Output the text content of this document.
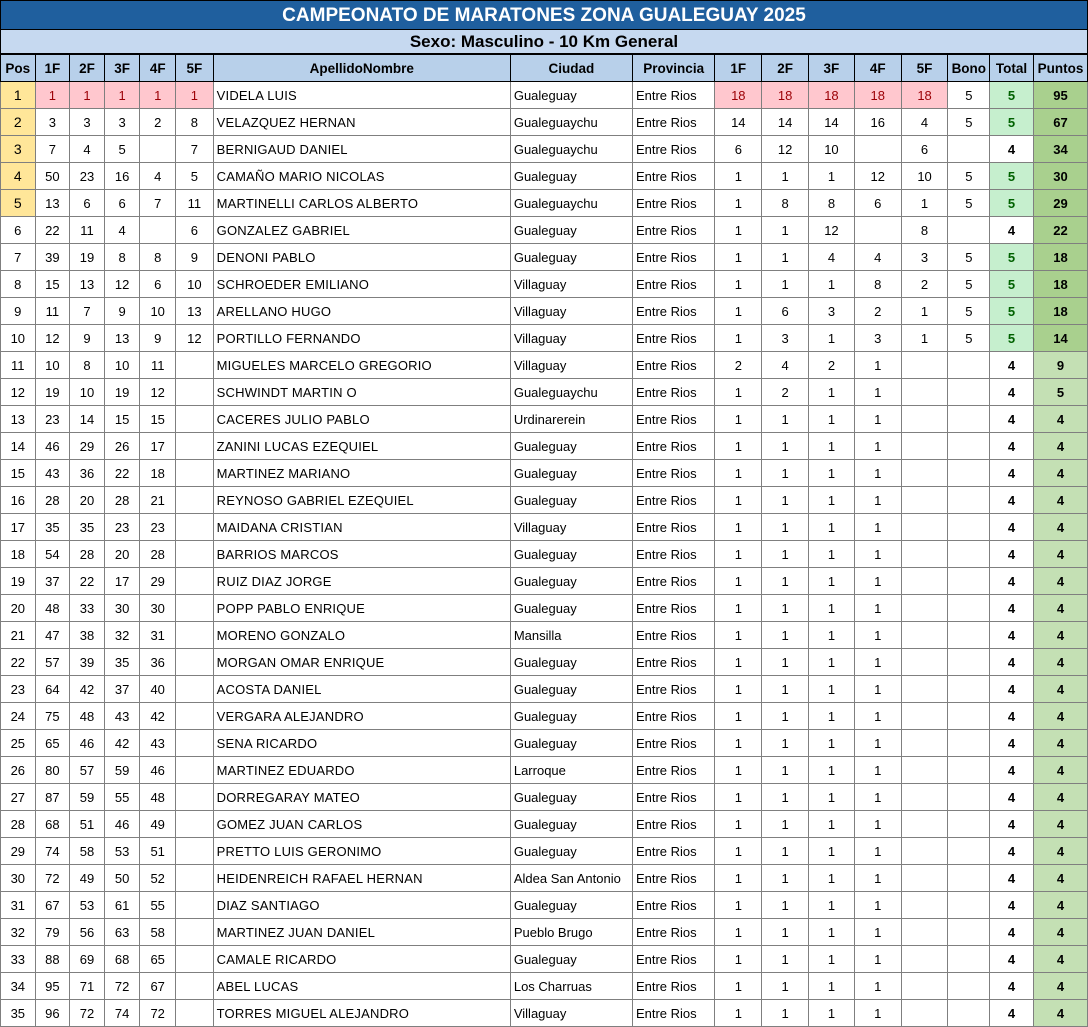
CAMPEONATO DE MARATONES ZONA GUALEGUAY 2025
Sexo: Masculino - 10 Km General
Pos	1F	2F	3F	4F	5F	ApellidoNombre	Ciudad	Provincia	1F	2F	3F	4F	5F	Bono	Total	Puntos
1	1	1	1	1	1	VIDELA LUIS	Gualeguay	Entre Rios	18	18	18	18	18	5	5	95
2	3	3	3	2	8	VELAZQUEZ HERNAN	Gualeguaychu	Entre Rios	14	14	14	16	4	5	5	67
3	7	4	5		7	BERNIGAUD DANIEL	Gualeguaychu	Entre Rios	6	12	10		6		4	34
4	50	23	16	4	5	CAMAÑO MARIO NICOLAS	Gualeguay	Entre Rios	1	1	1	12	10	5	5	30
5	13	6	6	7	11	MARTINELLI CARLOS ALBERTO	Gualeguaychu	Entre Rios	1	8	8	6	1	5	5	29
6	22	11	4		6	GONZALEZ GABRIEL	Gualeguay	Entre Rios	1	1	12		8		4	22
7	39	19	8	8	9	DENONI PABLO	Gualeguay	Entre Rios	1	1	4	4	3	5	5	18
8	15	13	12	6	10	SCHROEDER EMILIANO	Villaguay	Entre Rios	1	1	1	8	2	5	5	18
9	11	7	9	10	13	ARELLANO HUGO	Villaguay	Entre Rios	1	6	3	2	1	5	5	18
10	12	9	13	9	12	PORTILLO FERNANDO	Villaguay	Entre Rios	1	3	1	3	1	5	5	14
11	10	8	10	11		MIGUELES MARCELO GREGORIO	Villaguay	Entre Rios	2	4	2	1			4	9
12	19	10	19	12		SCHWINDT MARTIN O	Gualeguaychu	Entre Rios	1	2	1	1			4	5
13	23	14	15	15		CACERES JULIO PABLO	Urdinarerein	Entre Rios	1	1	1	1			4	4
14	46	29	26	17		ZANINI LUCAS EZEQUIEL	Gualeguay	Entre Rios	1	1	1	1			4	4
15	43	36	22	18		MARTINEZ MARIANO	Gualeguay	Entre Rios	1	1	1	1			4	4
16	28	20	28	21		REYNOSO GABRIEL EZEQUIEL	Gualeguay	Entre Rios	1	1	1	1			4	4
17	35	35	23	23		MAIDANA CRISTIAN	Villaguay	Entre Rios	1	1	1	1			4	4
18	54	28	20	28		BARRIOS MARCOS	Gualeguay	Entre Rios	1	1	1	1			4	4
19	37	22	17	29		RUIZ DIAZ JORGE	Gualeguay	Entre Rios	1	1	1	1			4	4
20	48	33	30	30		POPP PABLO ENRIQUE	Gualeguay	Entre Rios	1	1	1	1			4	4
21	47	38	32	31		MORENO GONZALO	Mansilla	Entre Rios	1	1	1	1			4	4
22	57	39	35	36		MORGAN OMAR ENRIQUE	Gualeguay	Entre Rios	1	1	1	1			4	4
23	64	42	37	40		ACOSTA DANIEL	Gualeguay	Entre Rios	1	1	1	1			4	4
24	75	48	43	42		VERGARA ALEJANDRO	Gualeguay	Entre Rios	1	1	1	1			4	4
25	65	46	42	43		SENA RICARDO	Gualeguay	Entre Rios	1	1	1	1			4	4
26	80	57	59	46		MARTINEZ EDUARDO	Larroque	Entre Rios	1	1	1	1			4	4
27	87	59	55	48		DORREGARAY MATEO	Gualeguay	Entre Rios	1	1	1	1			4	4
28	68	51	46	49		GOMEZ JUAN CARLOS	Gualeguay	Entre Rios	1	1	1	1			4	4
29	74	58	53	51		PRETTO LUIS GERONIMO	Gualeguay	Entre Rios	1	1	1	1			4	4
30	72	49	50	52		HEIDENREICH RAFAEL HERNAN	Aldea San Antonio	Entre Rios	1	1	1	1			4	4
31	67	53	61	55		DIAZ SANTIAGO	Gualeguay	Entre Rios	1	1	1	1			4	4
32	79	56	63	58		MARTINEZ JUAN DANIEL	Pueblo Brugo	Entre Rios	1	1	1	1			4	4
33	88	69	68	65		CAMALE RICARDO	Gualeguay	Entre Rios	1	1	1	1			4	4
34	95	71	72	67		ABEL LUCAS	Los Charruas	Entre Rios	1	1	1	1			4	4
35	96	72	74	72		TORRES MIGUEL ALEJANDRO	Villaguay	Entre Rios	1	1	1	1			4	4
